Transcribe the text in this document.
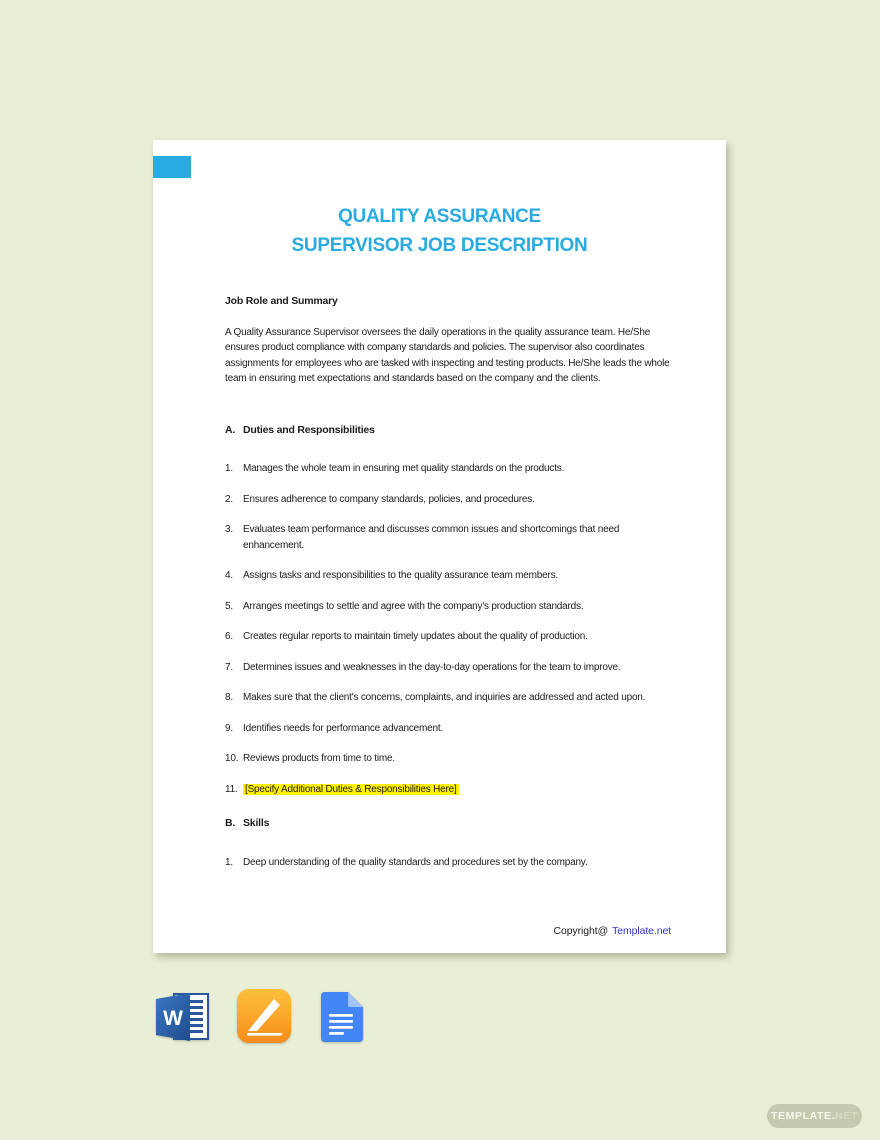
QUALITY ASSURANCE
SUPERVISOR JOB DESCRIPTION
Job Role and Summary

A Quality Assurance Supervisor oversees the daily operations in the quality assurance team. He/She ensures product compliance with company standards and policies. The supervisor also coordinates assignments for employees who are tasked with inspecting and testing products. He/She leads the whole team in ensuring met expectations and standards based on the company and the clients.

A. Duties and Responsibilities
1.	Manages the whole team in ensuring met quality standards on the products.
2.	Ensures adherence to company standards, policies, and procedures.
3.	Evaluates team performance and discusses common issues and shortcomings that need enhancement.
4.	Assigns tasks and responsibilities to the quality assurance team members.
5.	Arranges meetings to settle and agree with the company's production standards.
6.	Creates regular reports to maintain timely updates about the quality of production.
7.	Determines issues and weaknesses in the day-to-day operations for the team to improve.
8.	Makes sure that the client's concerns, complaints, and inquiries are addressed and acted upon.
9.	Identifies needs for performance advancement.
10. Reviews products from time to time.
11. [Specify Additional Duties & Responsibilities Here]
B. Skills
1.	Deep understanding of the quality standards and procedures set by the company.
Copyright@ Template.net
W
TEMPLATE. NET
